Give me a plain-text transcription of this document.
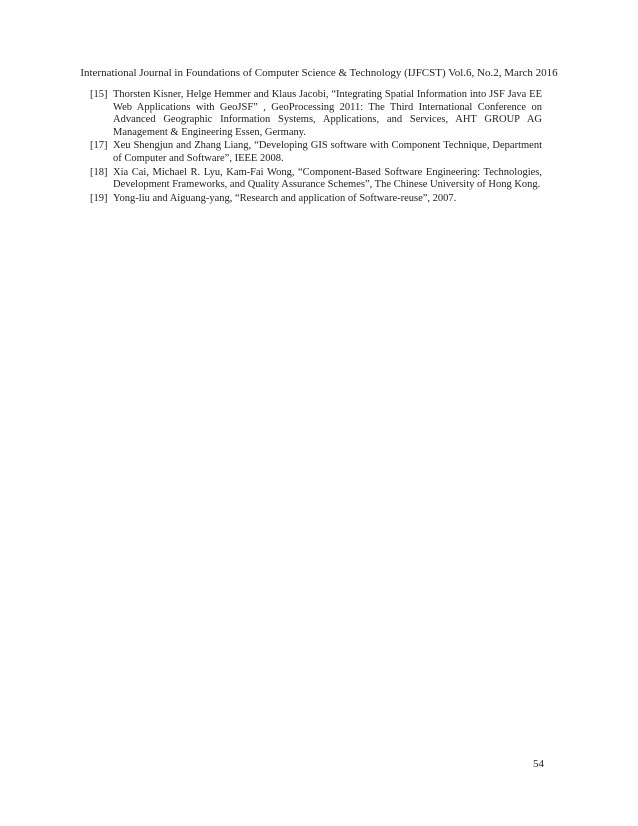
International Journal in Foundations of Computer Science & Technology (IJFCST) Vol.6, No.2, March 2016
[15] Thorsten Kisner, Helge Hemmer and Klaus Jacobi, “Integrating Spatial Information into JSF Java EE Web Applications with GeoJSF” , GeoProcessing 2011: The Third International Conference on Advanced Geographic Information Systems, Applications, and Services, AHT GROUP AG Management & Engineering Essen, Germany.
[17] Xeu Shengjun and Zhang Liang, “Developing GIS software with Component Technique, Department of Computer and Software”, IEEE 2008.
[18] Xia Cai, Michael R. Lyu, Kam-Fai Wong, “Component-Based Software Engineering: Technologies, Development Frameworks, and Quality Assurance Schemes”, The Chinese University of Hong Kong.
[19] Yong-liu and Aiguang-yang, “Research and application of Software-reuse”, 2007.
54
